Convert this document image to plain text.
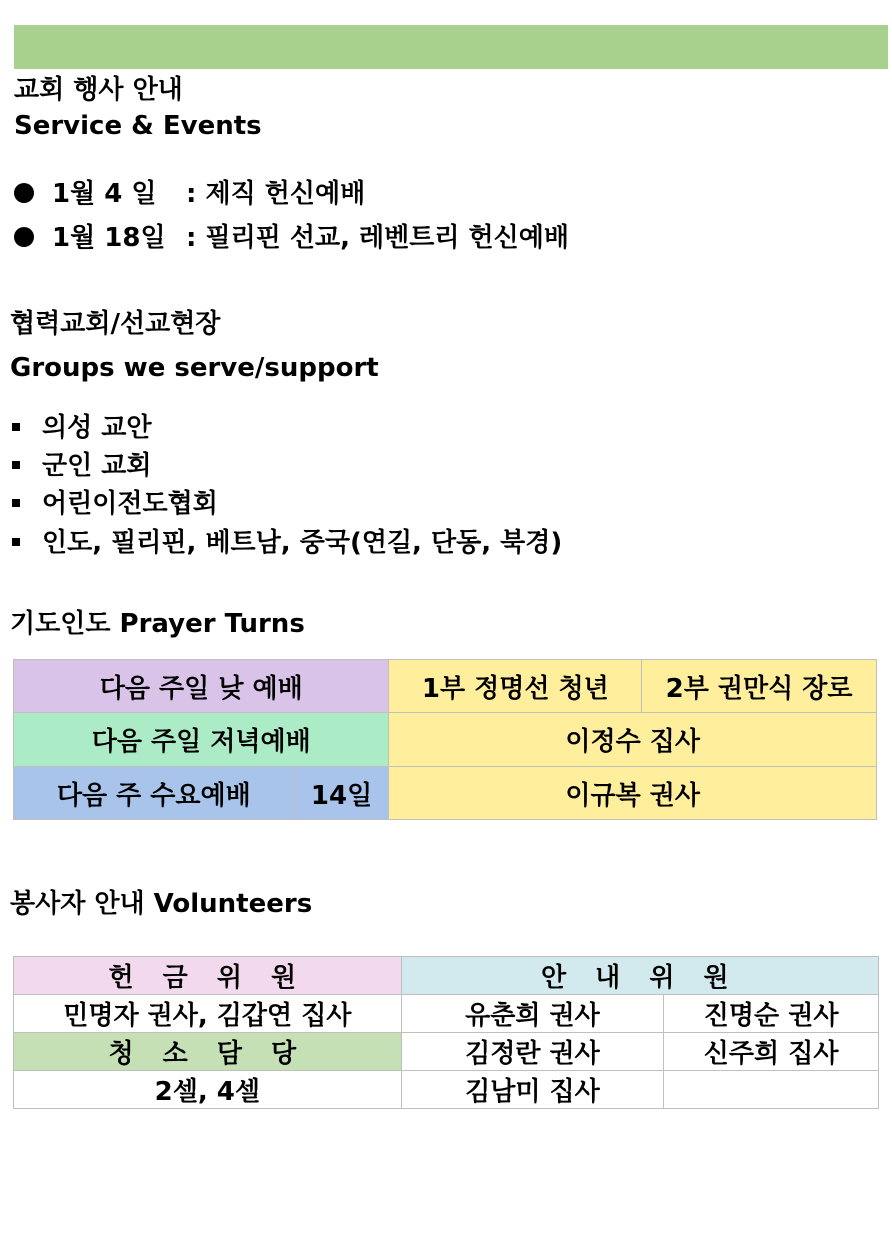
교회 행사 안내
Service & Events
1월 4 일 : 제직 헌신예배
1월 18일 : 필리핀 선교, 레벤트리 헌신예배
협력교회/선교현장
Groups we serve/support
의성 교안
군인 교회
어린이전도협회
인도, 필리핀, 베트남, 중국(연길, 단동, 북경)
기도인도 Prayer Turns
다음 주일 낮 예배		1부 정명선 청년	2부 권만식 장로
다음 주일 저녁예배		이정수 집사	
다음 주 수요예배	14일	이규복 권사	
봉사자 안내 Volunteers
헌 금 위 원	안 내 위 원	
민명자 권사, 김갑연 집사	유춘희 권사	진명순 권사
청 소 담 당	김정란 권사	신주희 집사
2셀, 4셀	김남미 집사	
